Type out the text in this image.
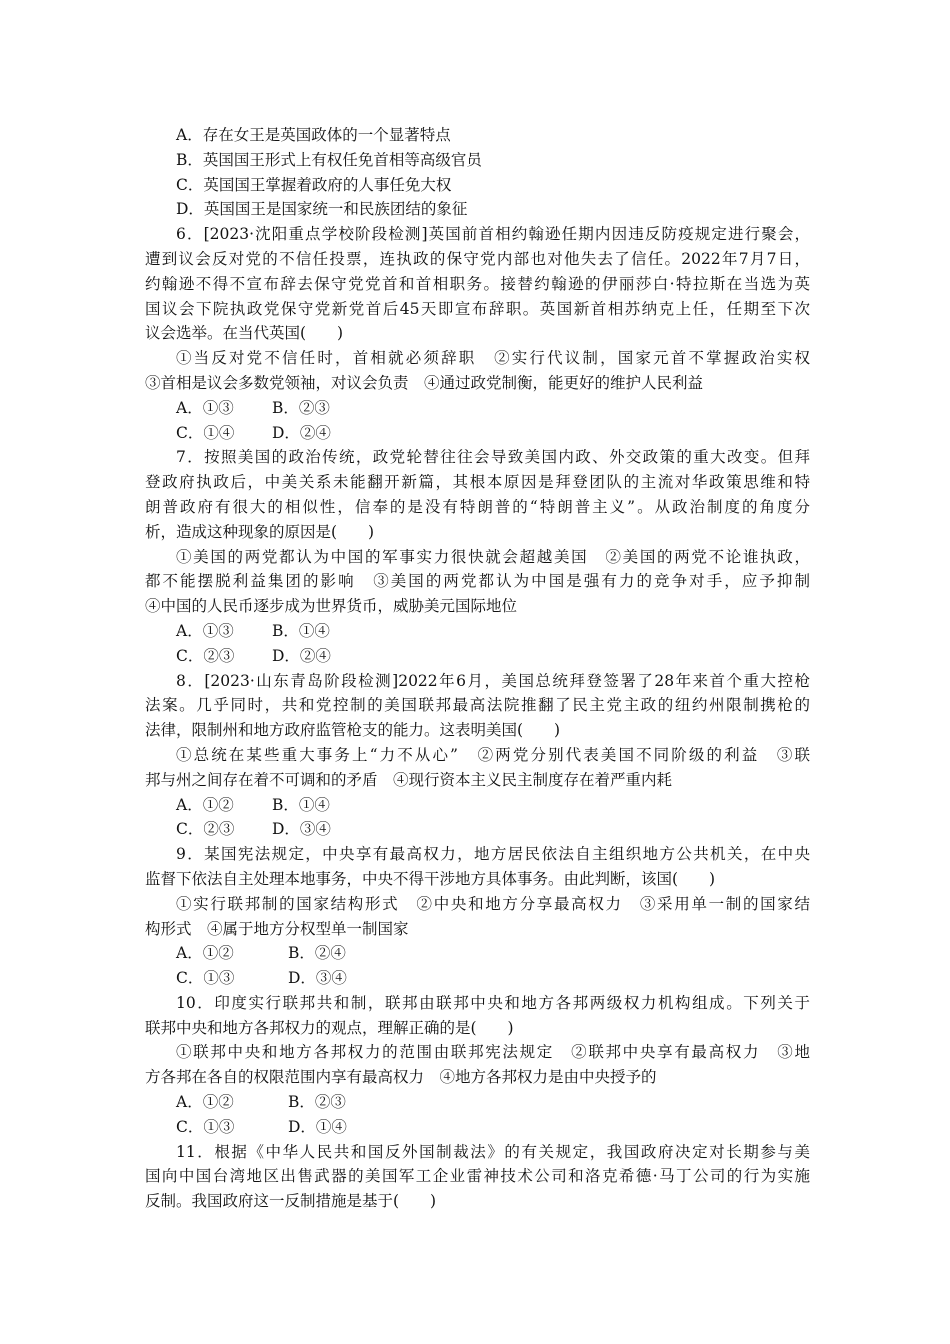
A．存在女王是英国政体的一个显著特点
B．英国国王形式上有权任免首相等高级官员
C．英国国王掌握着政府的人事任免大权
D．英国国王是国家统一和民族团结的象征
6．[2023·沈阳重点学校阶段检测]英国前首相约翰逊任期内因违反防疫规定进行聚会，
遭到议会反对党的不信任投票，连执政的保守党内部也对他失去了信任。2022年7月7日，
约翰逊不得不宣布辞去保守党党首和首相职务。接替约翰逊的伊丽莎白·特拉斯在当选为英
国议会下院执政党保守党新党首后45天即宣布辞职。英国新首相苏纳克上任，任期至下次
议会选举。在当代英国(　　)
①当反对党不信任时，首相就必须辞职　②实行代议制，国家元首不掌握政治实权
③首相是议会多数党领袖，对议会负责　④通过政党制衡，能更好的维护人民利益
A．①③ B．②③
C．①④ D．②④
7．按照美国的政治传统，政党轮替往往会导致美国内政、外交政策的重大改变。但拜
登政府执政后，中美关系未能翻开新篇，其根本原因是拜登团队的主流对华政策思维和特
朗普政府有很大的相似性，信奉的是没有特朗普的“特朗普主义”。从政治制度的角度分
析，造成这种现象的原因是(　　)
①美国的两党都认为中国的军事实力很快就会超越美国　②美国的两党不论谁执政，
都不能摆脱利益集团的影响　③美国的两党都认为中国是强有力的竞争对手，应予抑制
④中国的人民币逐步成为世界货币，威胁美元国际地位
A．①③ B．①④
C．②③ D．②④
8．[2023·山东青岛阶段检测]2022年6月，美国总统拜登签署了28年来首个重大控枪
法案。几乎同时，共和党控制的美国联邦最高法院推翻了民主党主政的纽约州限制携枪的
法律，限制州和地方政府监管枪支的能力。这表明美国(　　)
①总统在某些重大事务上“力不从心”　②两党分别代表美国不同阶级的利益　③联
邦与州之间存在着不可调和的矛盾　④现行资本主义民主制度存在着严重内耗
A．①② B．①④
C．②③ D．③④
9．某国宪法规定，中央享有最高权力，地方居民依法自主组织地方公共机关，在中央
监督下依法自主处理本地事务，中央不得干涉地方具体事务。由此判断，该国(　　)
①实行联邦制的国家结构形式　②中央和地方分享最高权力　③采用单一制的国家结
构形式　④属于地方分权型单一制国家
A．①②	B．②④
C．①③	D．③④
10．印度实行联邦共和制，联邦由联邦中央和地方各邦两级权力机构组成。下列关于
联邦中央和地方各邦权力的观点，理解正确的是(　　)
①联邦中央和地方各邦权力的范围由联邦宪法规定　②联邦中央享有最高权力　③地
方各邦在各自的权限范围内享有最高权力　④地方各邦权力是由中央授予的
A．①②	B．②③
C．①③	D．①④
11．根据《中华人民共和国反外国制裁法》的有关规定，我国政府决定对长期参与美
国向中国台湾地区出售武器的美国军工企业雷神技术公司和洛克希德·马丁公司的行为实施
反制。我国政府这一反制措施是基于(　　)
